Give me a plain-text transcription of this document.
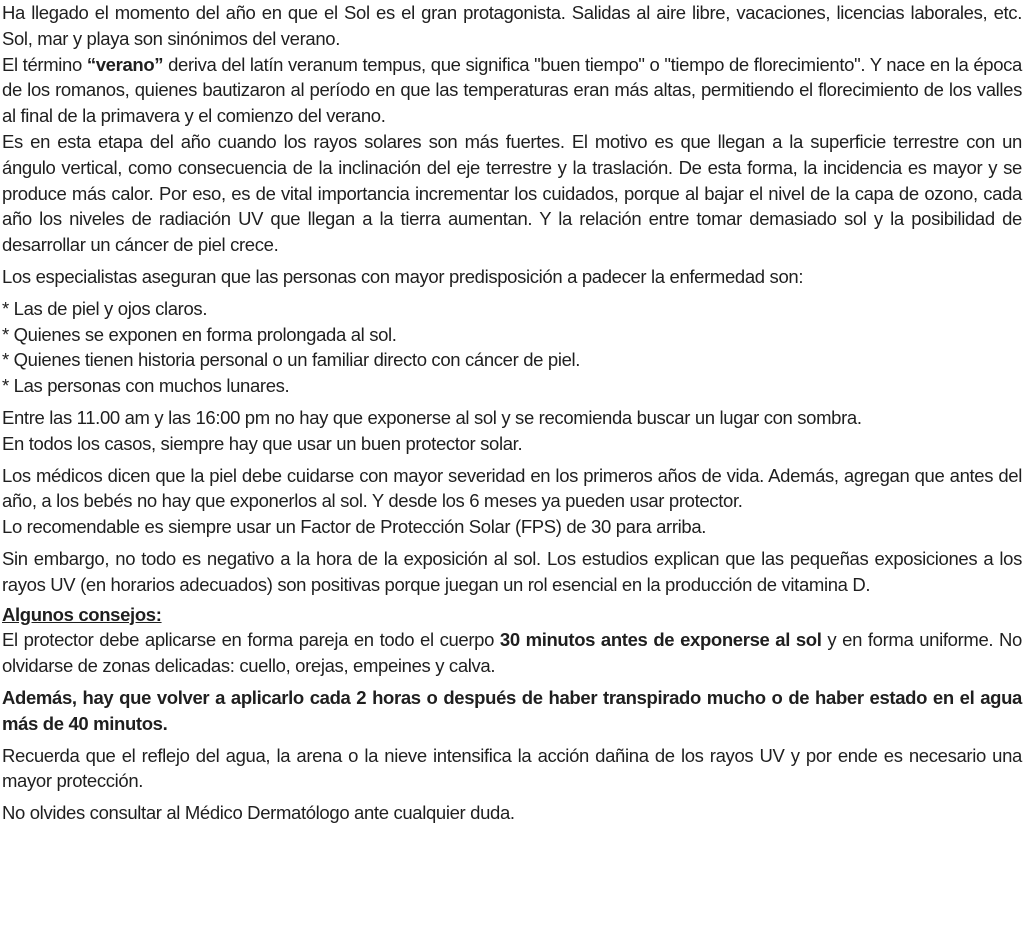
Ha llegado el momento del año en que el Sol es el gran protagonista. Salidas al aire libre, vacaciones, licencias laborales, etc. Sol, mar y playa son sinónimos del verano.

El término “verano” deriva del latín veranum tempus, que significa "buen tiempo" o "tiempo de florecimiento". Y nace en la época de los romanos, quienes bautizaron al período en que las temperaturas eran más altas, permitiendo el florecimiento de los valles al final de la primavera y el comienzo del verano.

Es en esta etapa del año cuando los rayos solares son más fuertes. El motivo es que llegan a la superficie terrestre con un ángulo vertical, como consecuencia de la inclinación del eje terrestre y la traslación. De esta forma, la incidencia es mayor y se produce más calor. Por eso, es de vital importancia incrementar los cuidados, porque al bajar el nivel de la capa de ozono, cada año los niveles de radiación UV que llegan a la tierra aumentan. Y la relación entre tomar demasiado sol y la posibilidad de desarrollar un cáncer de piel crece.

Los especialistas aseguran que las personas con mayor predisposición a padecer la enfermedad son:

* Las de piel y ojos claros.

* Quienes se exponen en forma prolongada al sol.

* Quienes tienen historia personal o un familiar directo con cáncer de piel.

* Las personas con muchos lunares.

Entre las 11.00 am y las 16:00 pm no hay que exponerse al sol y se recomienda buscar un lugar con sombra.

En todos los casos, siempre hay que usar un buen protector solar.

Los médicos dicen que la piel debe cuidarse con mayor severidad en los primeros años de vida. Además, agregan que antes del año, a los bebés no hay que exponerlos al sol. Y desde los 6 meses ya pueden usar protector.

Lo recomendable es siempre usar un Factor de Protección Solar (FPS) de 30 para arriba.

Sin embargo, no todo es negativo a la hora de la exposición al sol. Los estudios explican que las pequeñas exposiciones a los rayos UV (en horarios adecuados) son positivas porque juegan un rol esencial en la producción de vitamina D.

Algunos consejos:

El protector debe aplicarse en forma pareja en todo el cuerpo 30 minutos antes de exponerse al sol y en forma uniforme. No olvidarse de zonas delicadas: cuello, orejas, empeines y calva.

Además, hay que volver a aplicarlo cada 2 horas o después de haber transpirado mucho o de haber estado en el agua más de 40 minutos.

Recuerda que el reflejo del agua, la arena o la nieve intensifica la acción dañina de los rayos UV y por ende es necesario una mayor protección.

No olvides consultar al Médico Dermatólogo ante cualquier duda.
